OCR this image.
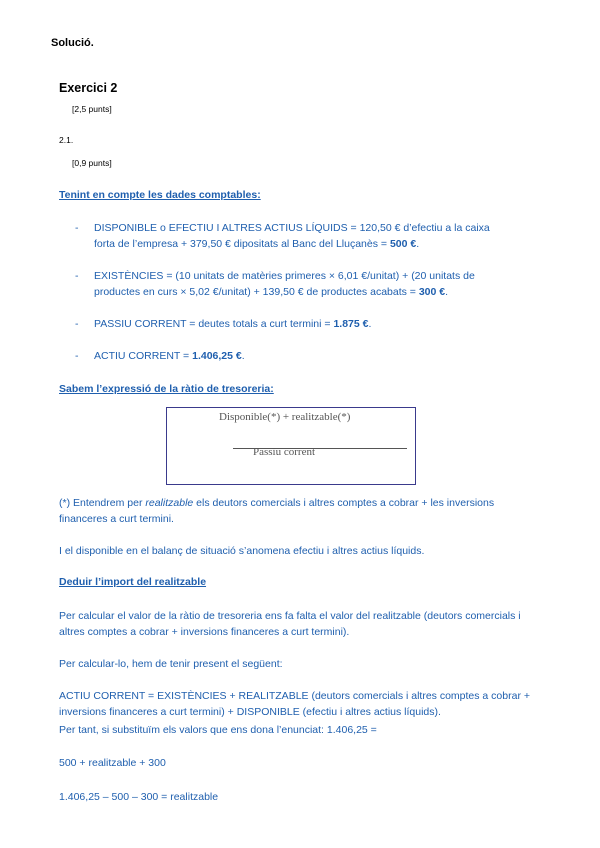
Solució.
Exercici 2
[2,5 punts]
2.1.
[0,9 punts]
Tenint en compte les dades comptables:
- DISPONIBLE o EFECTIU I ALTRES ACTIUS LÍQUIDS = 120,50 € d’efectiu a la caixa
forta de l’empresa + 379,50 € dipositats al Banc del Lluçanès = 500 €.
- EXISTÈNCIES = (10 unitats de matèries primeres × 6,01 €/unitat) + (20 unitats de
productes en curs × 5,02 €/unitat) + 139,50 € de productes acabats = 300 €.
- PASSIU CORRENT = deutes totals a curt termini = 1.875 €.
- ACTIU CORRENT = 1.406,25 €.
Sabem l’expressió de la ràtio de tresoreria:
Disponible(*) + realitzable(*)
Passiu corrent
(*) Entendrem per realitzable els deutors comercials i altres comptes a cobrar + les inversions
financeres a curt termini.
I el disponible en el balanç de situació s’anomena efectiu i altres actius líquids.
Deduir l’import del realitzable
Per calcular el valor de la ràtio de tresoreria ens fa falta el valor del realitzable (deutors comercials i
altres comptes a cobrar + inversions financeres a curt termini).
Per calcular-lo, hem de tenir present el següent:
ACTIU CORRENT = EXISTÈNCIES + REALITZABLE (deutors comercials i altres comptes a cobrar +
inversions financeres a curt termini) + DISPONIBLE (efectiu i altres actius líquids).
Per tant, si substituïm els valors que ens dona l’enunciat: 1.406,25 =
500 + realitzable + 300
1.406,25 – 500 – 300 = realitzable
